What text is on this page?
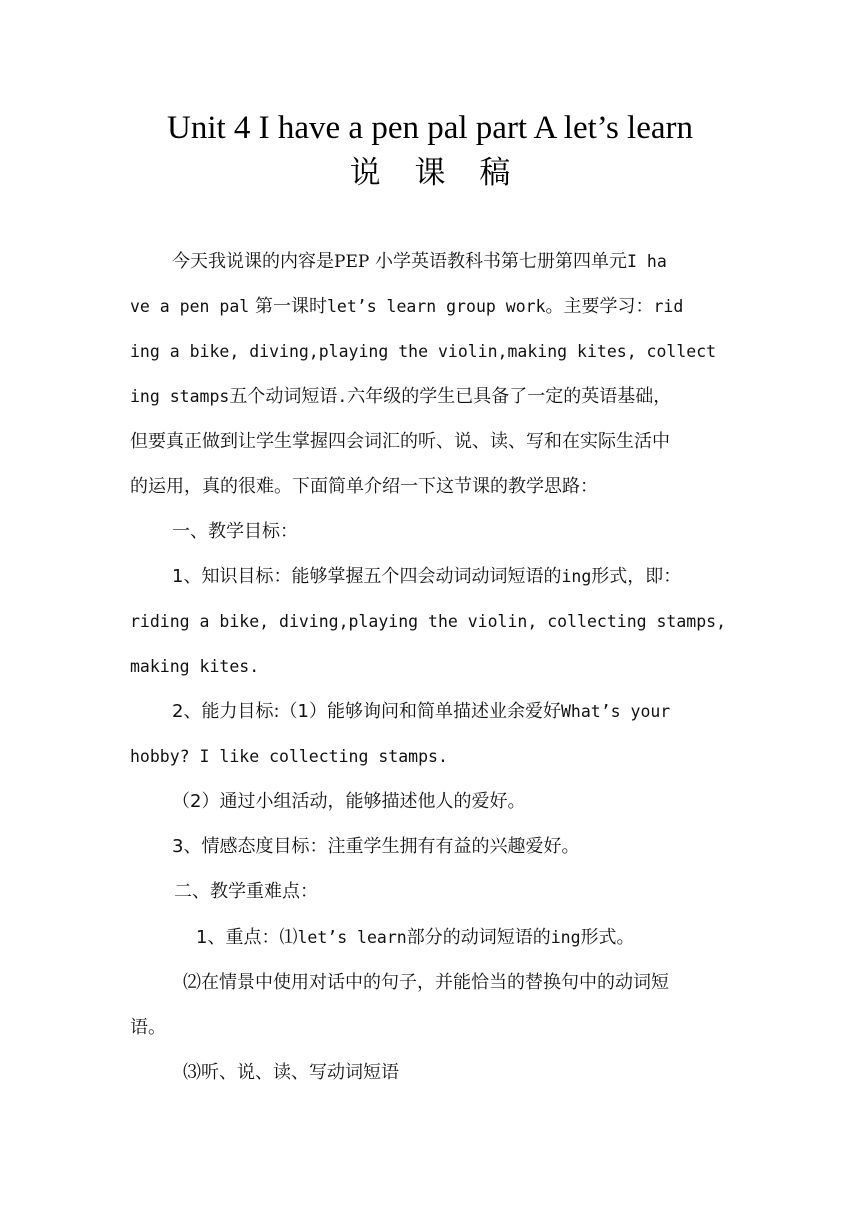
Unit 4 I have a pen pal part A let’s learn
说 课 稿
今天我说课的内容是PEP 小学英语教科书第七册第四单元I ha
ve a pen pal 第一课时let’s learn group work。主要学习：rid
ing a bike, diving,playing the violin,making kites, collect
ing stamps五个动词短语.六年级的学生已具备了一定的英语基础，
但要真正做到让学生掌握四会词汇的听、说、读、写和在实际生活中
的运用，真的很难。下面简单介绍一下这节课的教学思路：
一、教学目标：
1、知识目标：能够掌握五个四会动词动词短语的ing形式，即：
riding a bike, diving,playing the violin, collecting stamps,
making kites.
2、能力目标:（1）能够询问和简单描述业余爱好What’s your
hobby? I like collecting stamps.
（2）通过小组活动，能够描述他人的爱好。
3、情感态度目标：注重学生拥有有益的兴趣爱好。
二、教学重难点：
1、重点：⑴let’s learn部分的动词短语的ing形式。
⑵在情景中使用对话中的句子，并能恰当的替换句中的动词短
语。
⑶听、说、读、写动词短语
